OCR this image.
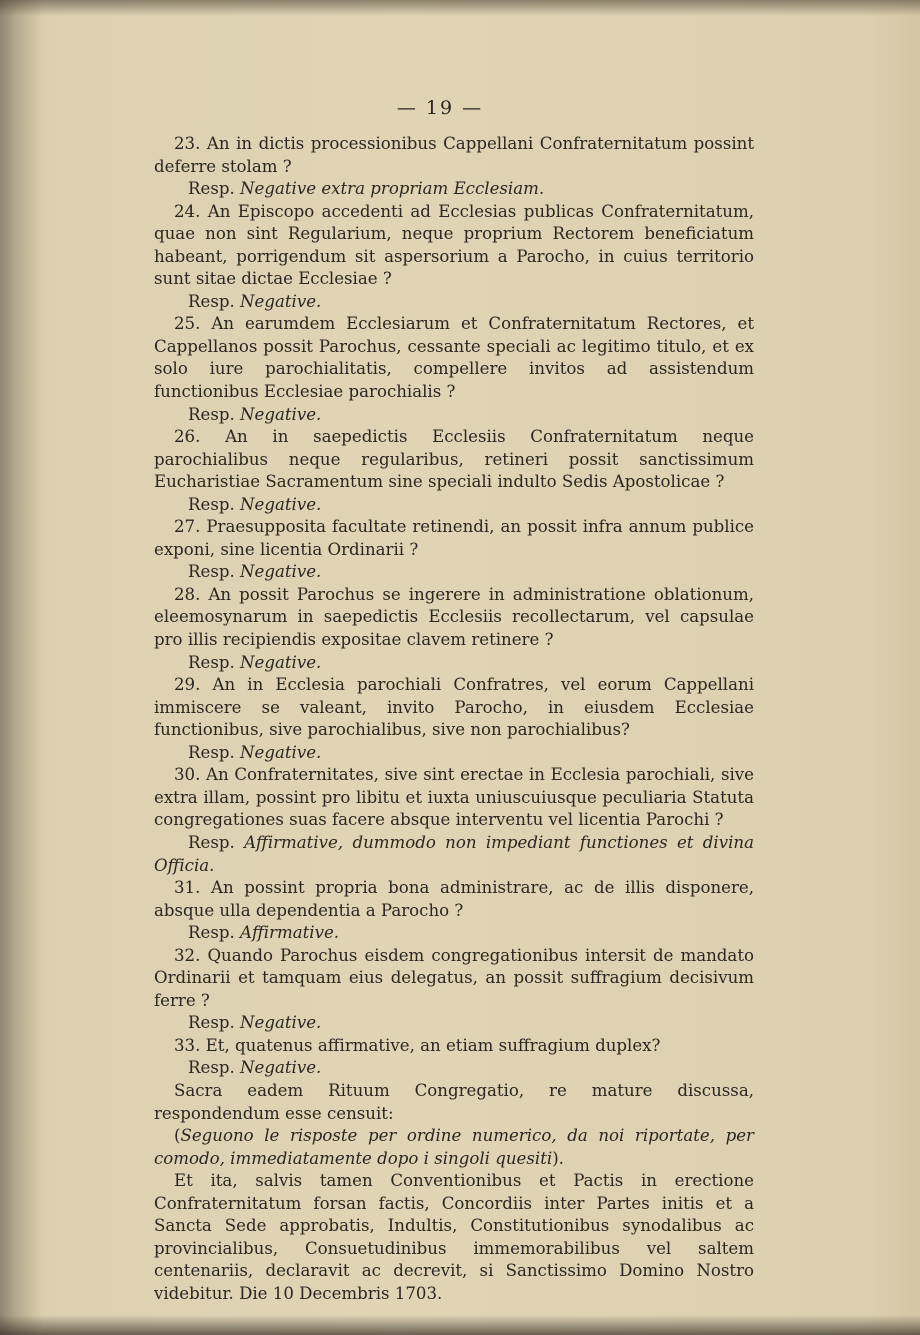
— 19 —

23. An in dictis processionibus Cappellani Confraternitatum possint deferre stolam ?

Resp. Negative extra propriam Ecclesiam.

24. An Episcopo accedenti ad Ecclesias publicas Confraternitatum, quae non sint Regularium, neque proprium Rectorem beneficiatum habeant, porrigendum sit aspersorium a Parocho, in cuius territorio sunt sitae dictae Ecclesiae ?

Resp. Negative.

25. An earumdem Ecclesiarum et Confraternitatum Rectores, et Cappellanos possit Parochus, cessante speciali ac legitimo titulo, et ex solo iure parochialitatis, compellere invitos ad assistendum functionibus Ecclesiae parochialis ?

Resp. Negative.

26. An in saepedictis Ecclesiis Confraternitatum neque parochialibus neque regularibus, retineri possit sanctissimum Eucharistiae Sacramentum sine speciali indulto Sedis Apostolicae ?

Resp. Negative.

27. Praesupposita facultate retinendi, an possit infra annum publice exponi, sine licentia Ordinarii ?

Resp. Negative.

28. An possit Parochus se ingerere in administratione oblationum, eleemosynarum in saepedictis Ecclesiis recollectarum, vel capsulae pro illis recipiendis expositae clavem retinere ?

Resp. Negative.

29. An in Ecclesia parochiali Confratres, vel eorum Cappellani immiscere se valeant, invito Parocho, in eiusdem Ecclesiae functionibus, sive parochialibus, sive non parochialibus?

Resp. Negative.

30. An Confraternitates, sive sint erectae in Ecclesia parochiali, sive extra illam, possint pro libitu et iuxta uniuscuiusque peculiaria Statuta congregationes suas facere absque interventu vel licentia Parochi ?

Resp. Affirmative, dummodo non impediant functiones et divina Officia.

31. An possint propria bona administrare, ac de illis disponere, absque ulla dependentia a Parocho ?

Resp. Affirmative.

32. Quando Parochus eisdem congregationibus intersit de mandato Ordinarii et tamquam eius delegatus, an possit suffragium decisivum ferre ?

Resp. Negative.

33. Et, quatenus affirmative, an etiam suffragium duplex?

Resp. Negative.

Sacra eadem Rituum Congregatio, re mature discussa, respondendum esse censuit:

(Seguono le risposte per ordine numerico, da noi riportate, per comodo, immediatamente dopo i singoli quesiti).

Et ita, salvis tamen Conventionibus et Pactis in erectione Confraternitatum forsan factis, Concordiis inter Partes initis et a Sancta Sede approbatis, Indultis, Constitutionibus synodalibus ac provincialibus, Consuetudinibus immemorabilibus vel saltem centenariis, declaravit ac decrevit, si Sanctissimo Domino Nostro videbitur. Die 10 Decembris 1703.
